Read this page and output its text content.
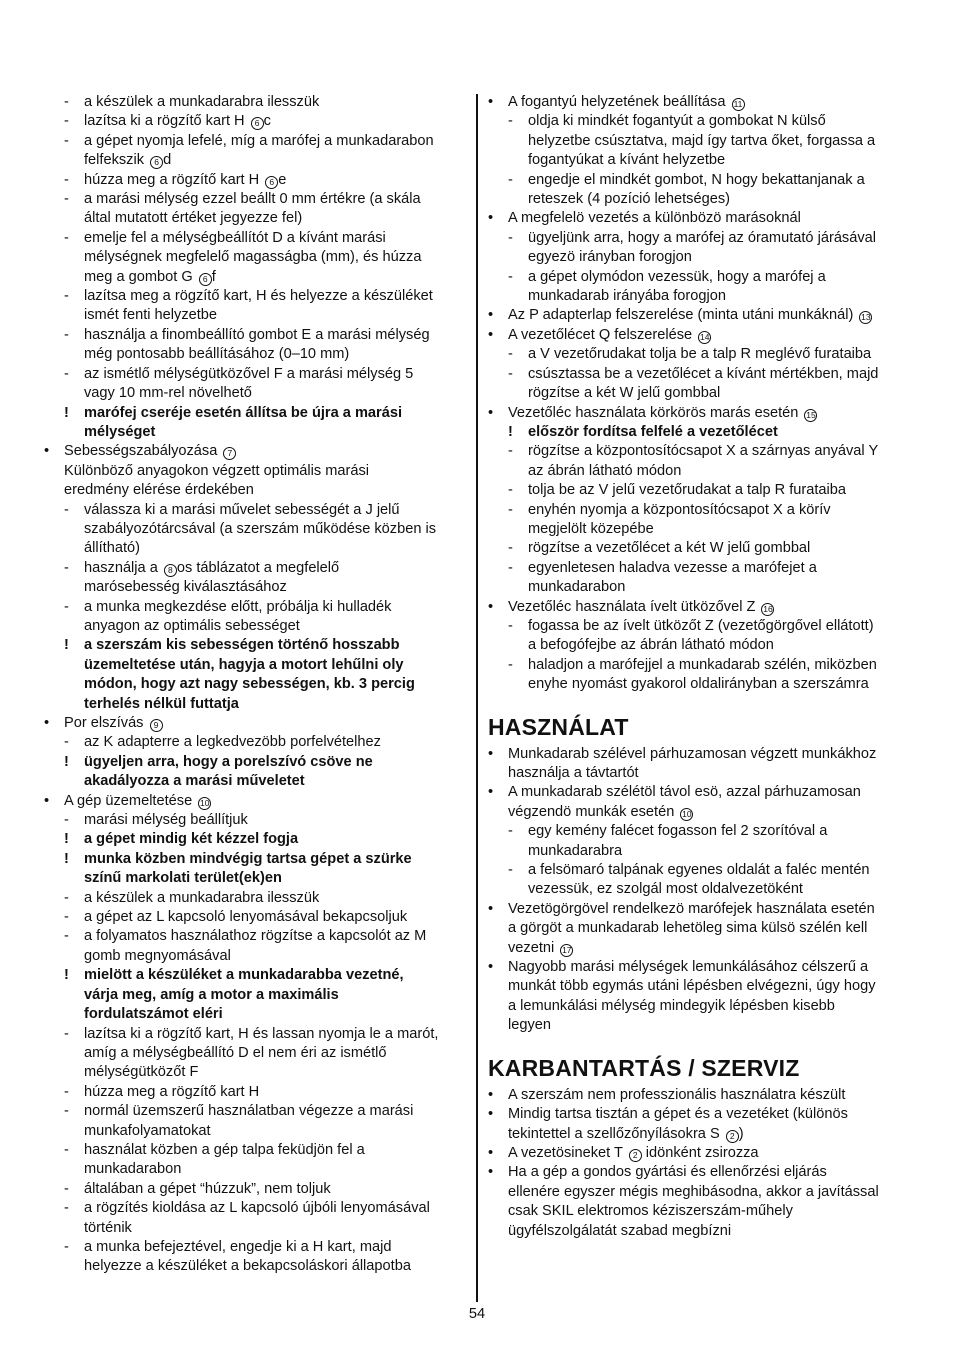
-	a készülek a munkadarabra ilesszük
-	lazítsa ki a rögzítő kart H 6 c
-	a gépet nyomja lefelé, míg a marófej a munkadarabon
felfekszik 6 d
-	húzza meg a rögzítő kart H 6 e
-	a marási mélység ezzel beállt 0 mm értékre (a skála
által mutatott értéket jegyezze fel)
-	emelje fel a mélységbeállítót D a kívánt marási
mélységnek megfelelő magasságba (mm), és húzza
meg a gombot G 6 f
-	lazítsa meg a rögzítő kart, H és helyezze a készüléket
ismét fenti helyzetbe
-	használja a finombeállító gombot E a marási mélység
még pontosabb beállításához (0–10 mm)
-	az ismétlő mélységütközővel F a marási mélység 5
vagy 10 mm-rel növelhető
!	marófej cseréje esetén állítsa be újra a marási
mélységet
•	Sebességszabályozása 7
Különböző anyagokon végzett optimális marási
eredmény elérése érdekében
-	válassza ki a marási művelet sebességét a J jelű
szabályozótárcsával (a szerszám működése közben is
állítható)
-	használja a 8 os táblázatot a megfelelő
marósebesség kiválasztásához
-	a munka megkezdése előtt, próbálja ki hulladék
anyagon az optimális sebességet
!	a szerszám kis sebességen történő hosszabb
üzemeltetése után, hagyja a motort lehűlni oly
módon, hogy azt nagy sebességen, kb. 3 percig
terhelés nélkül futtatja
•	Por elszívás 9
-	az K adapterre a legkedvezöbb porfelvételhez
!	ügyeljen arra, hogy a porelszívó csöve ne
akadályozza a marási műveletet
•	A gép üzemeltetése 10
-	marási mélység beállítjuk
!	a gépet mindig két kézzel fogja
!	munka közben mindvégig tartsa gépet a szürke
színű markolati terület(ek)en
-	a készülek a munkadarabra ilesszük
-	a gépet az L kapcsoló lenyomásával bekapcsoljuk
-	a folyamatos használathoz rögzítse a kapcsolót az M
gomb megnyomásával
!	mielött a készüléket a munkadarabba vezetné,
várja meg, amíg a motor a maximális
fordulatszámot eléri
-	lazítsa ki a rögzítő kart, H és lassan nyomja le a marót,
amíg a mélységbeállító D el nem éri az ismétlő
mélységütközőt F
-	húzza meg a rögzítő kart H
-	normál üzemszerű használatban végezze a marási
munkafolyamatokat
-	használat közben a gép talpa feküdjön fel a
munkadarabon
-	általában a gépet “húzzuk”, nem toljuk
-	a rögzítés kioldása az L kapcsoló újbóli lenyomásával
történik
-	a munka befejeztével, engedje ki a H kart, majd
helyezze a készüléket a bekapcsoláskori állapotba
•	A fogantyú helyzetének beállítása 11
-	oldja ki mindkét fogantyút a gombokat N külső
helyzetbe csúsztatva, majd így tartva őket, forgassa a
fogantyúkat a kívánt helyzetbe
-	engedje el mindkét gombot, N hogy bekattanjanak a
reteszek (4 pozíció lehetséges)
•	A megfelelö vezetés a különbözö marásoknál
-	ügyeljünk arra, hogy a marófej az óramutató járásával
egyezö irányban forogjon
-	a gépet olymódon vezessük, hogy a marófej a
munkadarab irányába forogjon
•	Az P adapterlap felszerelése (minta utáni munkáknál) 13
•	A vezetőlécet Q felszerelése 14
-	a V vezetőrudakat tolja be a talp R meglévő furataiba
-	csúsztassa be a vezetőlécet a kívánt mértékben, majd
rögzítse a két W jelű gombbal
•	Vezetőléc használata körkörös marás esetén 15
!	először fordítsa felfelé a vezetőlécet
-	rögzítse a központosítócsapot X a szárnyas anyával Y
az ábrán látható módon
-	tolja be az V jelű vezetőrudakat a talp R furataiba
-	enyhén nyomja a központosítócsapot X a körív
megjelölt közepébe
-	rögzítse a vezetőlécet a két W jelű gombbal
-	egyenletesen haladva vezesse a marófejet a
munkadarabon
•	Vezetőléc használata ívelt ütközővel Z 16
-	fogassa be az ívelt ütközőt Z (vezetőgörgővel ellátott)
a befogófejbe az ábrán látható módon
-	haladjon a marófejjel a munkadarab szélén, miközben
enyhe nyomást gyakorol oldalirányban a szerszámra
HASZNÁLAT
•	Munkadarab szélével párhuzamosan végzett munkákhoz
használja a távtartót
•	A munkadarab szélétöl távol esö, azzal párhuzamosan
végzendö munkák esetén 10
-	egy kemény falécet fogasson fel 2 szorítóval a
munkadarabra
-	a felsömaró talpának egyenes oldalát a faléc mentén
vezessük, ez szolgál most oldalvezetöként
•	Vezetögörgövel rendelkezö marófejek használata esetén
a görgöt a munkadarab lehetöleg sima külsö szélén kell
vezetni 17
•	Nagyobb marási mélységek lemunkálásához célszerű a
munkát több egymás utáni lépésben elvégezni, úgy hogy
a lemunkálási mélység mindegyik lépésben kisebb
legyen
KARBANTARTÁS / SZERVIZ
•	A szerszám nem professzionális használatra készült
•	Mindig tartsa tisztán a gépet és a vezetéket (különös
tekintettel a szellőzőnyílásokra S 2 )
•	A vezetösineket T 2 idönként zsirozza
•	Ha a gép a gondos gyártási és ellenőrzési eljárás
ellenére egyszer mégis meghibásodna, akkor a javítással
csak SKIL elektromos kéziszerszám-műhely
ügyfélszolgálatát szabad megbízni
54
